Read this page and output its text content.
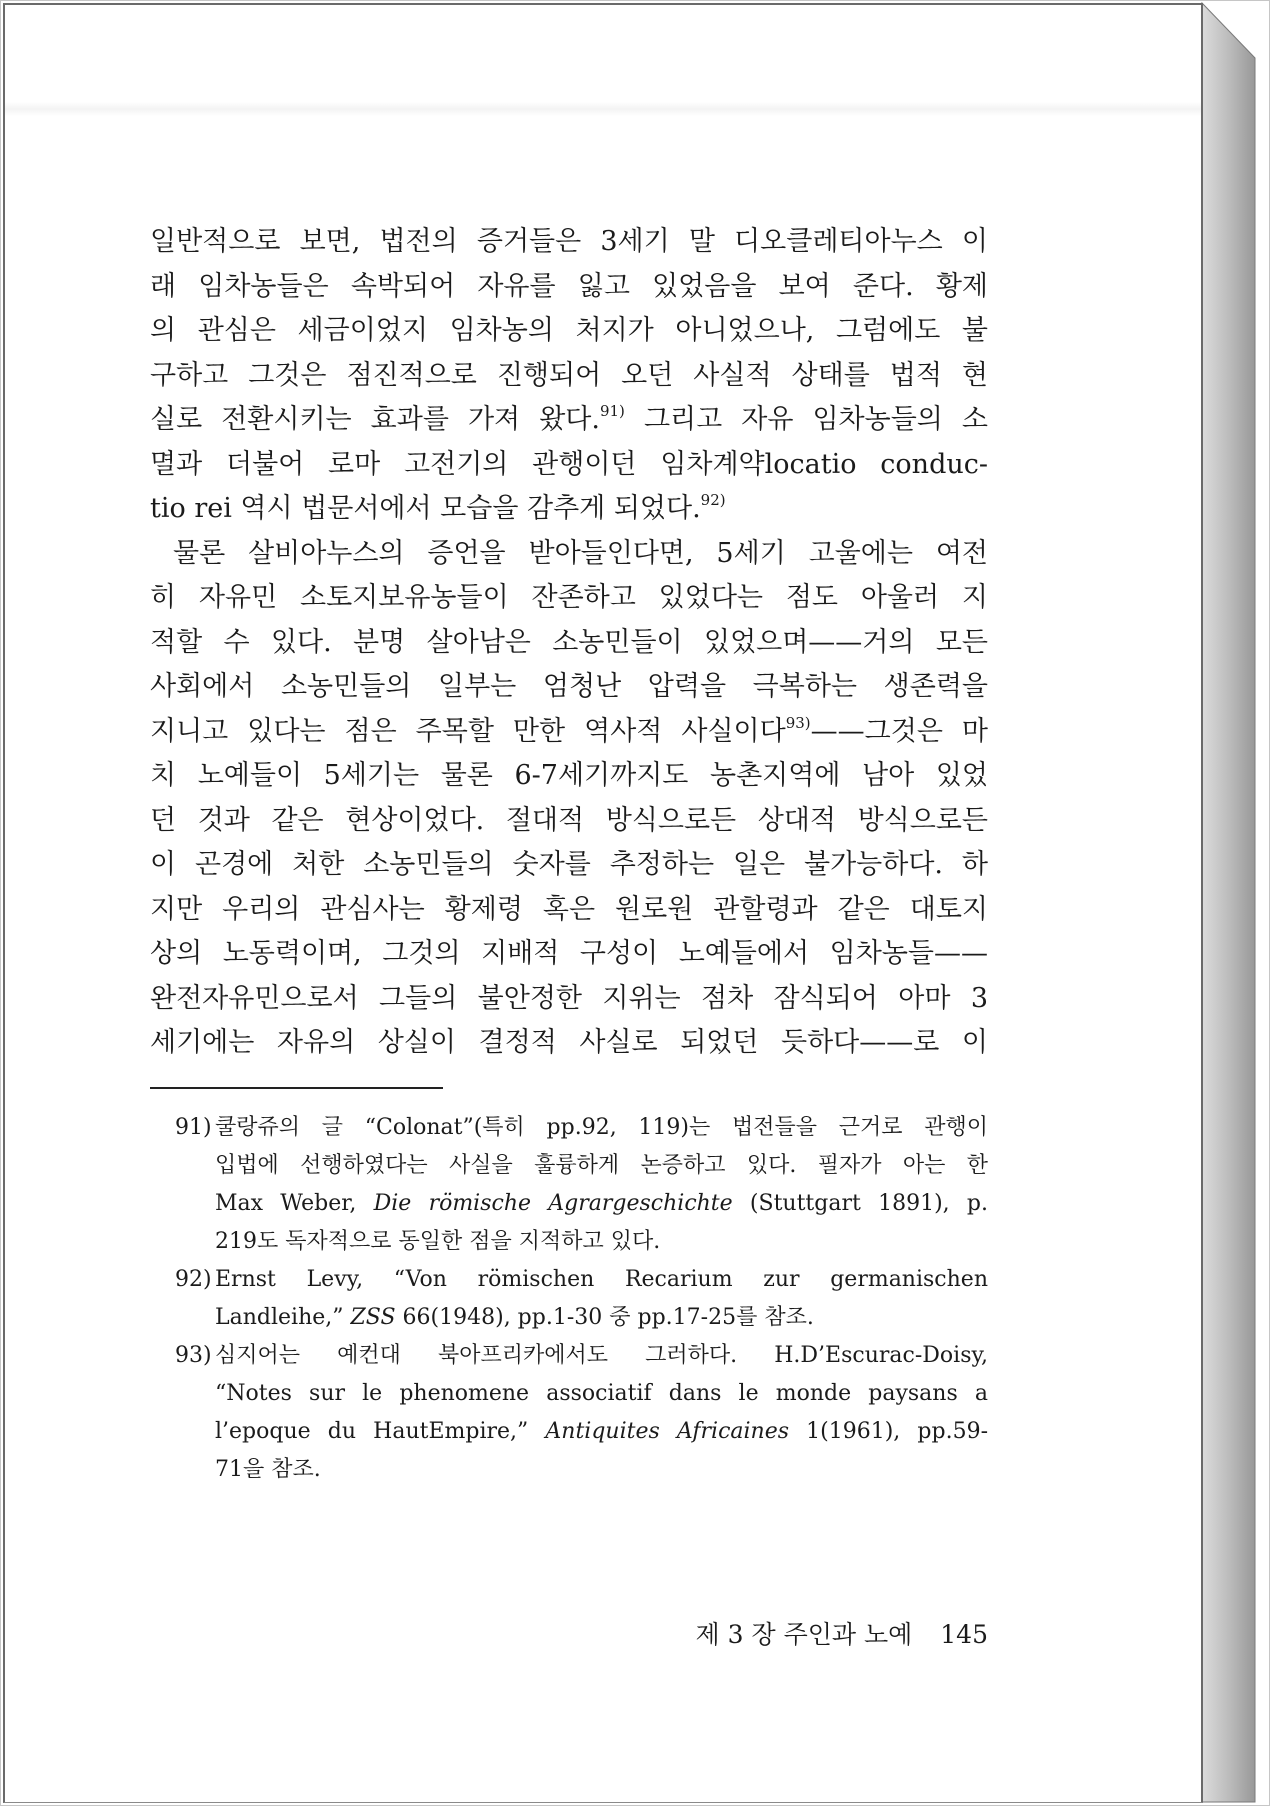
일반적으로 보면, 법전의 증거들은 3세기 말 디오클레티아누스 이
래 임차농들은 속박되어 자유를 잃고 있었음을 보여 준다. 황제
의 관심은 세금이었지 임차농의 처지가 아니었으나, 그럼에도 불
구하고 그것은 점진적으로 진행되어 오던 사실적 상태를 법적 현
실로 전환시키는 효과를 가져 왔다.$^{91)}$ 그리고 자유 임차농들의 소
멸과 더불어 로마 고전기의 관행이던 임차계약locatio conduc-
tio rei 역시 법문서에서 모습을 감추게 되었다.$^{92)}$
물론 살비아누스의 증언을 받아들인다면, 5세기 고울에는 여전
히 자유민 소토지보유농들이 잔존하고 있었다는 점도 아울러 지
적할 수 있다. 분명 살아남은 소농민들이 있었으며——거의 모든
사회에서 소농민들의 일부는 엄청난 압력을 극복하는 생존력을
지니고 있다는 점은 주목할 만한 역사적 사실이다$^{93)}$——그것은 마
치 노예들이 5세기는 물론 6-7세기까지도 농촌지역에 남아 있었
던 것과 같은 현상이었다. 절대적 방식으로든 상대적 방식으로든
이 곤경에 처한 소농민들의 숫자를 추정하는 일은 불가능하다. 하
지만 우리의 관심사는 황제령 혹은 원로원 관할령과 같은 대토지
상의 노동력이며, 그것의 지배적 구성이 노예들에서 임차농들——
완전자유민으로서 그들의 불안정한 지위는 점차 잠식되어 아마 3
세기에는 자유의 상실이 결정적 사실로 되었던 듯하다——로 이
91) 쿨랑쥬의 글 “Colonat”(특히 pp.92, 119)는 법전들을 근거로 관행이
입법에 선행하였다는 사실을 훌륭하게 논증하고 있다. 필자가 아는 한
Max Weber, Die römische Agrargeschichte (Stuttgart 1891), p.
219도 독자적으로 동일한 점을 지적하고 있다.
92) Ernst Levy, “Von römischen Recarium zur germanischen
Landleihe,” ZSS 66(1948), pp.1-30 중 pp.17-25를 참조.
93) 심지어는 예컨대 북아프리카에서도 그러하다. H.D’Escurac-Doisy,
“Notes sur le phenomene associatif dans le monde paysans a
l’epoque du HautEmpire,” Antiquites Africaines 1(1961), pp.59-
71을 참조.
제 3 장 주인과 노예 145
